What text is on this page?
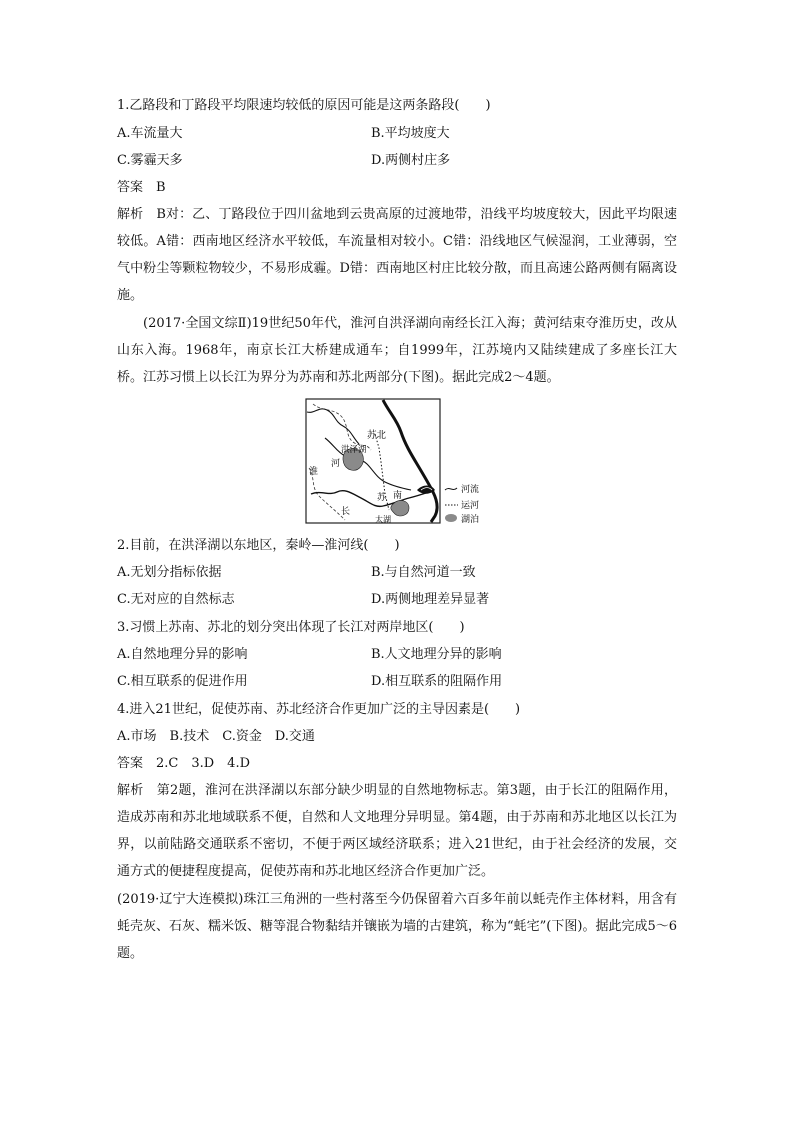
1.乙路段和丁路段平均限速均较低的原因可能是这两条路段(　　)
A.车流量大	B.平均坡度大
C.雾霾天多	D.两侧村庄多
答案　B
解析　B对：乙、丁路段位于四川盆地到云贵高原的过渡地带，沿线平均坡度较大，因此平均限速较低。A错：西南地区经济水平较低，车流量相对较小。C错：沿线地区气候湿润，工业薄弱，空气中粉尘等颗粒物较少，不易形成霾。D错：西南地区村庄比较分散，而且高速公路两侧有隔离设施。
(2017·全国文综Ⅱ)19世纪50年代，淮河自洪泽湖向南经长江入海；黄河结束夺淮历史，改从山东入海。1968年，南京长江大桥建成通车；自1999年，江苏境内又陆续建成了多座长江大桥。江苏习惯上以长江为界分为苏南和苏北两部分(下图)。据此完成2～4题。
苏北
洪泽湖
淮
河
长
苏 南
太湖
河流
运河
湖泊
2.目前，在洪泽湖以东地区，秦岭—淮河线(　　)
A.无划分指标依据	B.与自然河道一致
C.无对应的自然标志	D.两侧地理差异显著
3.习惯上苏南、苏北的划分突出体现了长江对两岸地区(　　)
A.自然地理分异的影响	B.人文地理分异的影响
C.相互联系的促进作用	D.相互联系的阻隔作用
4.进入21世纪，促使苏南、苏北经济合作更加广泛的主导因素是(　　)
A.市场　B.技术　C.资金　D.交通
答案　2.C　3.D　4.D
解析　第2题，淮河在洪泽湖以东部分缺少明显的自然地物标志。第3题，由于长江的阻隔作用，造成苏南和苏北地域联系不便，自然和人文地理分异明显。第4题，由于苏南和苏北地区以长江为界，以前陆路交通联系不密切，不便于两区域经济联系；进入21世纪，由于社会经济的发展，交通方式的便捷程度提高，促使苏南和苏北地区经济合作更加广泛。
(2019·辽宁大连模拟)珠江三角洲的一些村落至今仍保留着六百多年前以蚝壳作主体材料，用含有蚝壳灰、石灰、糯米饭、糖等混合物黏结并镶嵌为墙的古建筑，称为“蚝宅”(下图)。据此完成5～6题。
